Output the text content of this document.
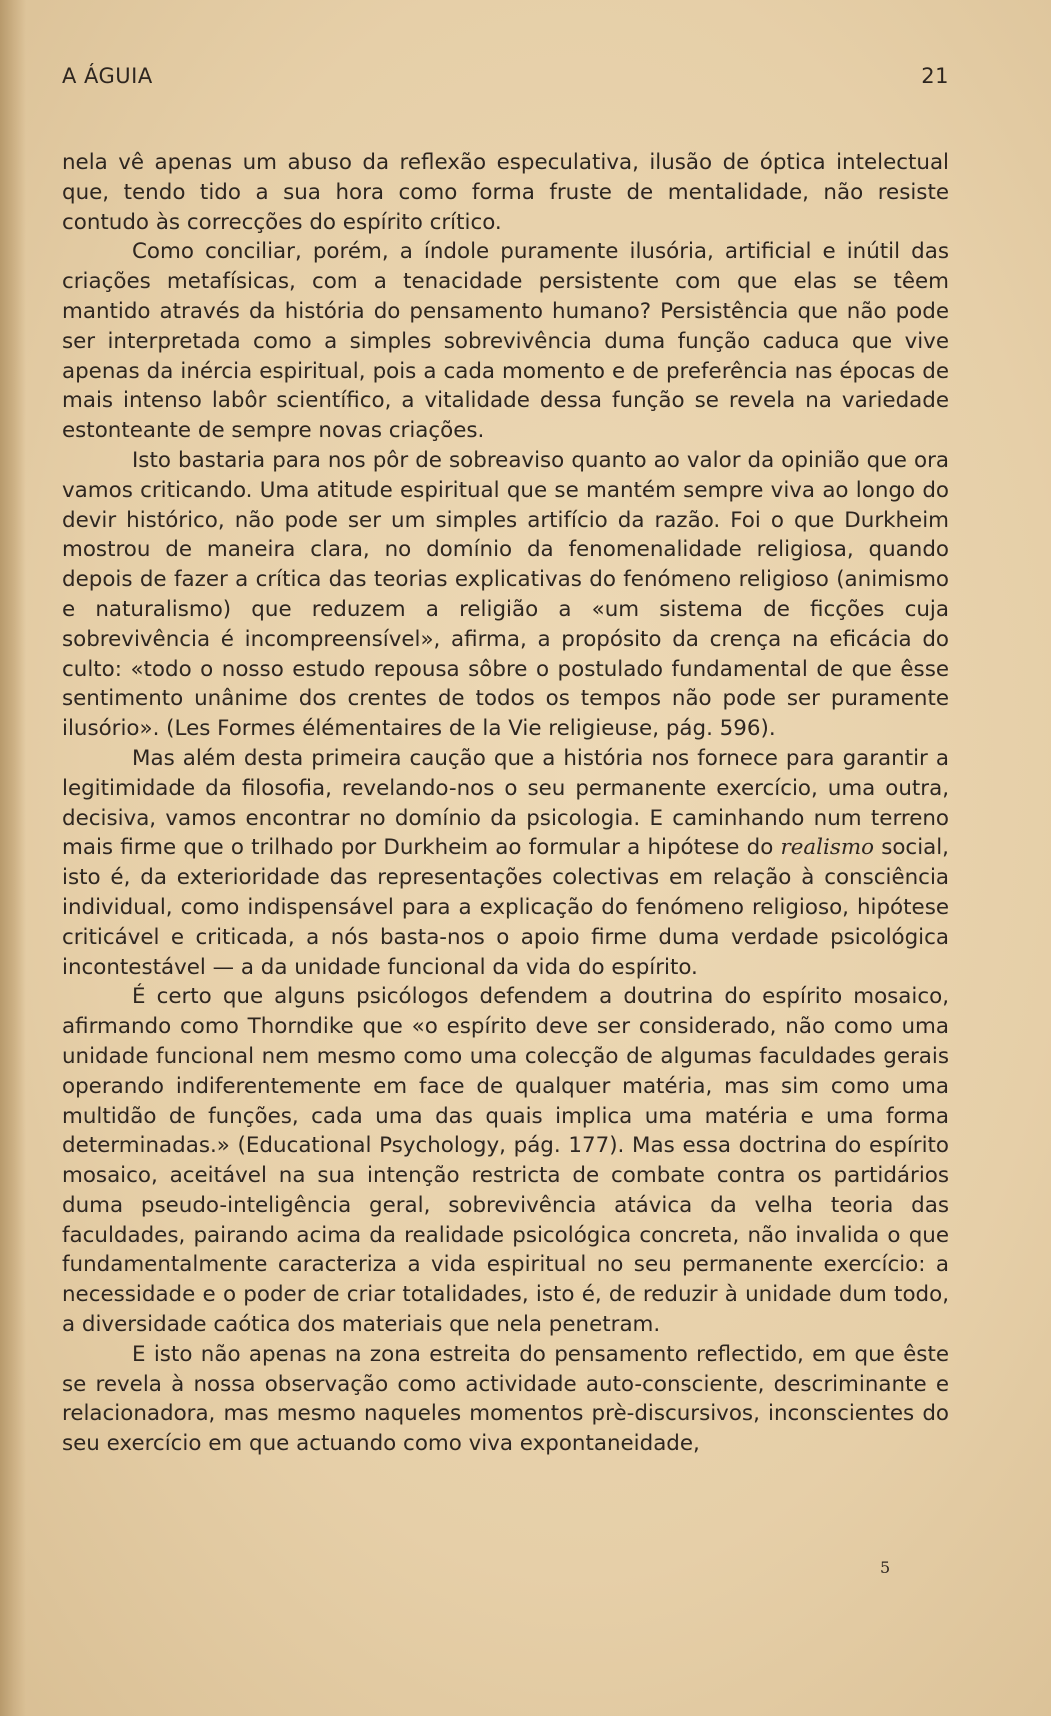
A ÁGUIA	21

nela vê apenas um abuso da reflexão especulativa, ilusão de óptica intelectual que, tendo tido a sua hora como forma fruste de mentalidade, não resiste contudo às correcções do espírito crítico.

Como conciliar, porém, a índole puramente ilusória, artificial e inútil das criações metafísicas, com a tenacidade persistente com que elas se têem mantido através da história do pensamento humano? Persistência que não pode ser interpretada como a simples sobrevivência duma função caduca que vive apenas da inércia espiritual, pois a cada momento e de preferência nas épocas de mais intenso labôr scientífico, a vitalidade dessa função se revela na variedade estonteante de sempre novas criações.

Isto bastaria para nos pôr de sobreaviso quanto ao valor da opinião que ora vamos criticando. Uma atitude espiritual que se mantém sempre viva ao longo do devir histórico, não pode ser um simples artifício da razão. Foi o que Durkheim mostrou de maneira clara, no domínio da fenomenalidade religiosa, quando depois de fazer a crítica das teorias explicativas do fenómeno religioso (animismo e naturalismo) que reduzem a religião a «um sistema de ficções cuja sobrevivência é incompreensível», afirma, a propósito da crença na eficácia do culto: «todo o nosso estudo repousa sôbre o postulado fundamental de que êsse sentimento unânime dos crentes de todos os tempos não pode ser puramente ilusório». (Les Formes élémentaires de la Vie religieuse, pág. 596).

Mas além desta primeira caução que a história nos fornece para garantir a legitimidade da filosofia, revelando-nos o seu permanente exercício, uma outra, decisiva, vamos encontrar no domínio da psicologia. E caminhando num terreno mais firme que o trilhado por Durkheim ao formular a hipótese do realismo social, isto é, da exterioridade das representações colectivas em relação à consciência individual, como indispensável para a explicação do fenómeno religioso, hipótese criticável e criticada, a nós basta-nos o apoio firme duma verdade psicológica incontestável — a da unidade funcional da vida do espírito.

É certo que alguns psicólogos defendem a doutrina do espírito mosaico, afirmando como Thorndike que «o espírito deve ser considerado, não como uma unidade funcional nem mesmo como uma colecção de algumas faculdades gerais operando indiferentemente em face de qualquer matéria, mas sim como uma multidão de funções, cada uma das quais implica uma matéria e uma forma determinadas.» (Educational Psychology, pág. 177). Mas essa doctrina do espírito mosaico, aceitável na sua intenção restricta de combate contra os partidários duma pseudo-inteligência geral, sobrevivência atávica da velha teoria das faculdades, pairando acima da realidade psicológica concreta, não invalida o que fundamentalmente caracteriza a vida espiritual no seu permanente exercício: a necessidade e o poder de criar totalidades, isto é, de reduzir à unidade dum todo, a diversidade caótica dos materiais que nela penetram.

E isto não apenas na zona estreita do pensamento reflectido, em que êste se revela à nossa observação como actividade auto-consciente, descriminante e relacionadora, mas mesmo naqueles momentos prè-discursivos, inconscientes do seu exercício em que actuando como viva expontaneidade,

5
